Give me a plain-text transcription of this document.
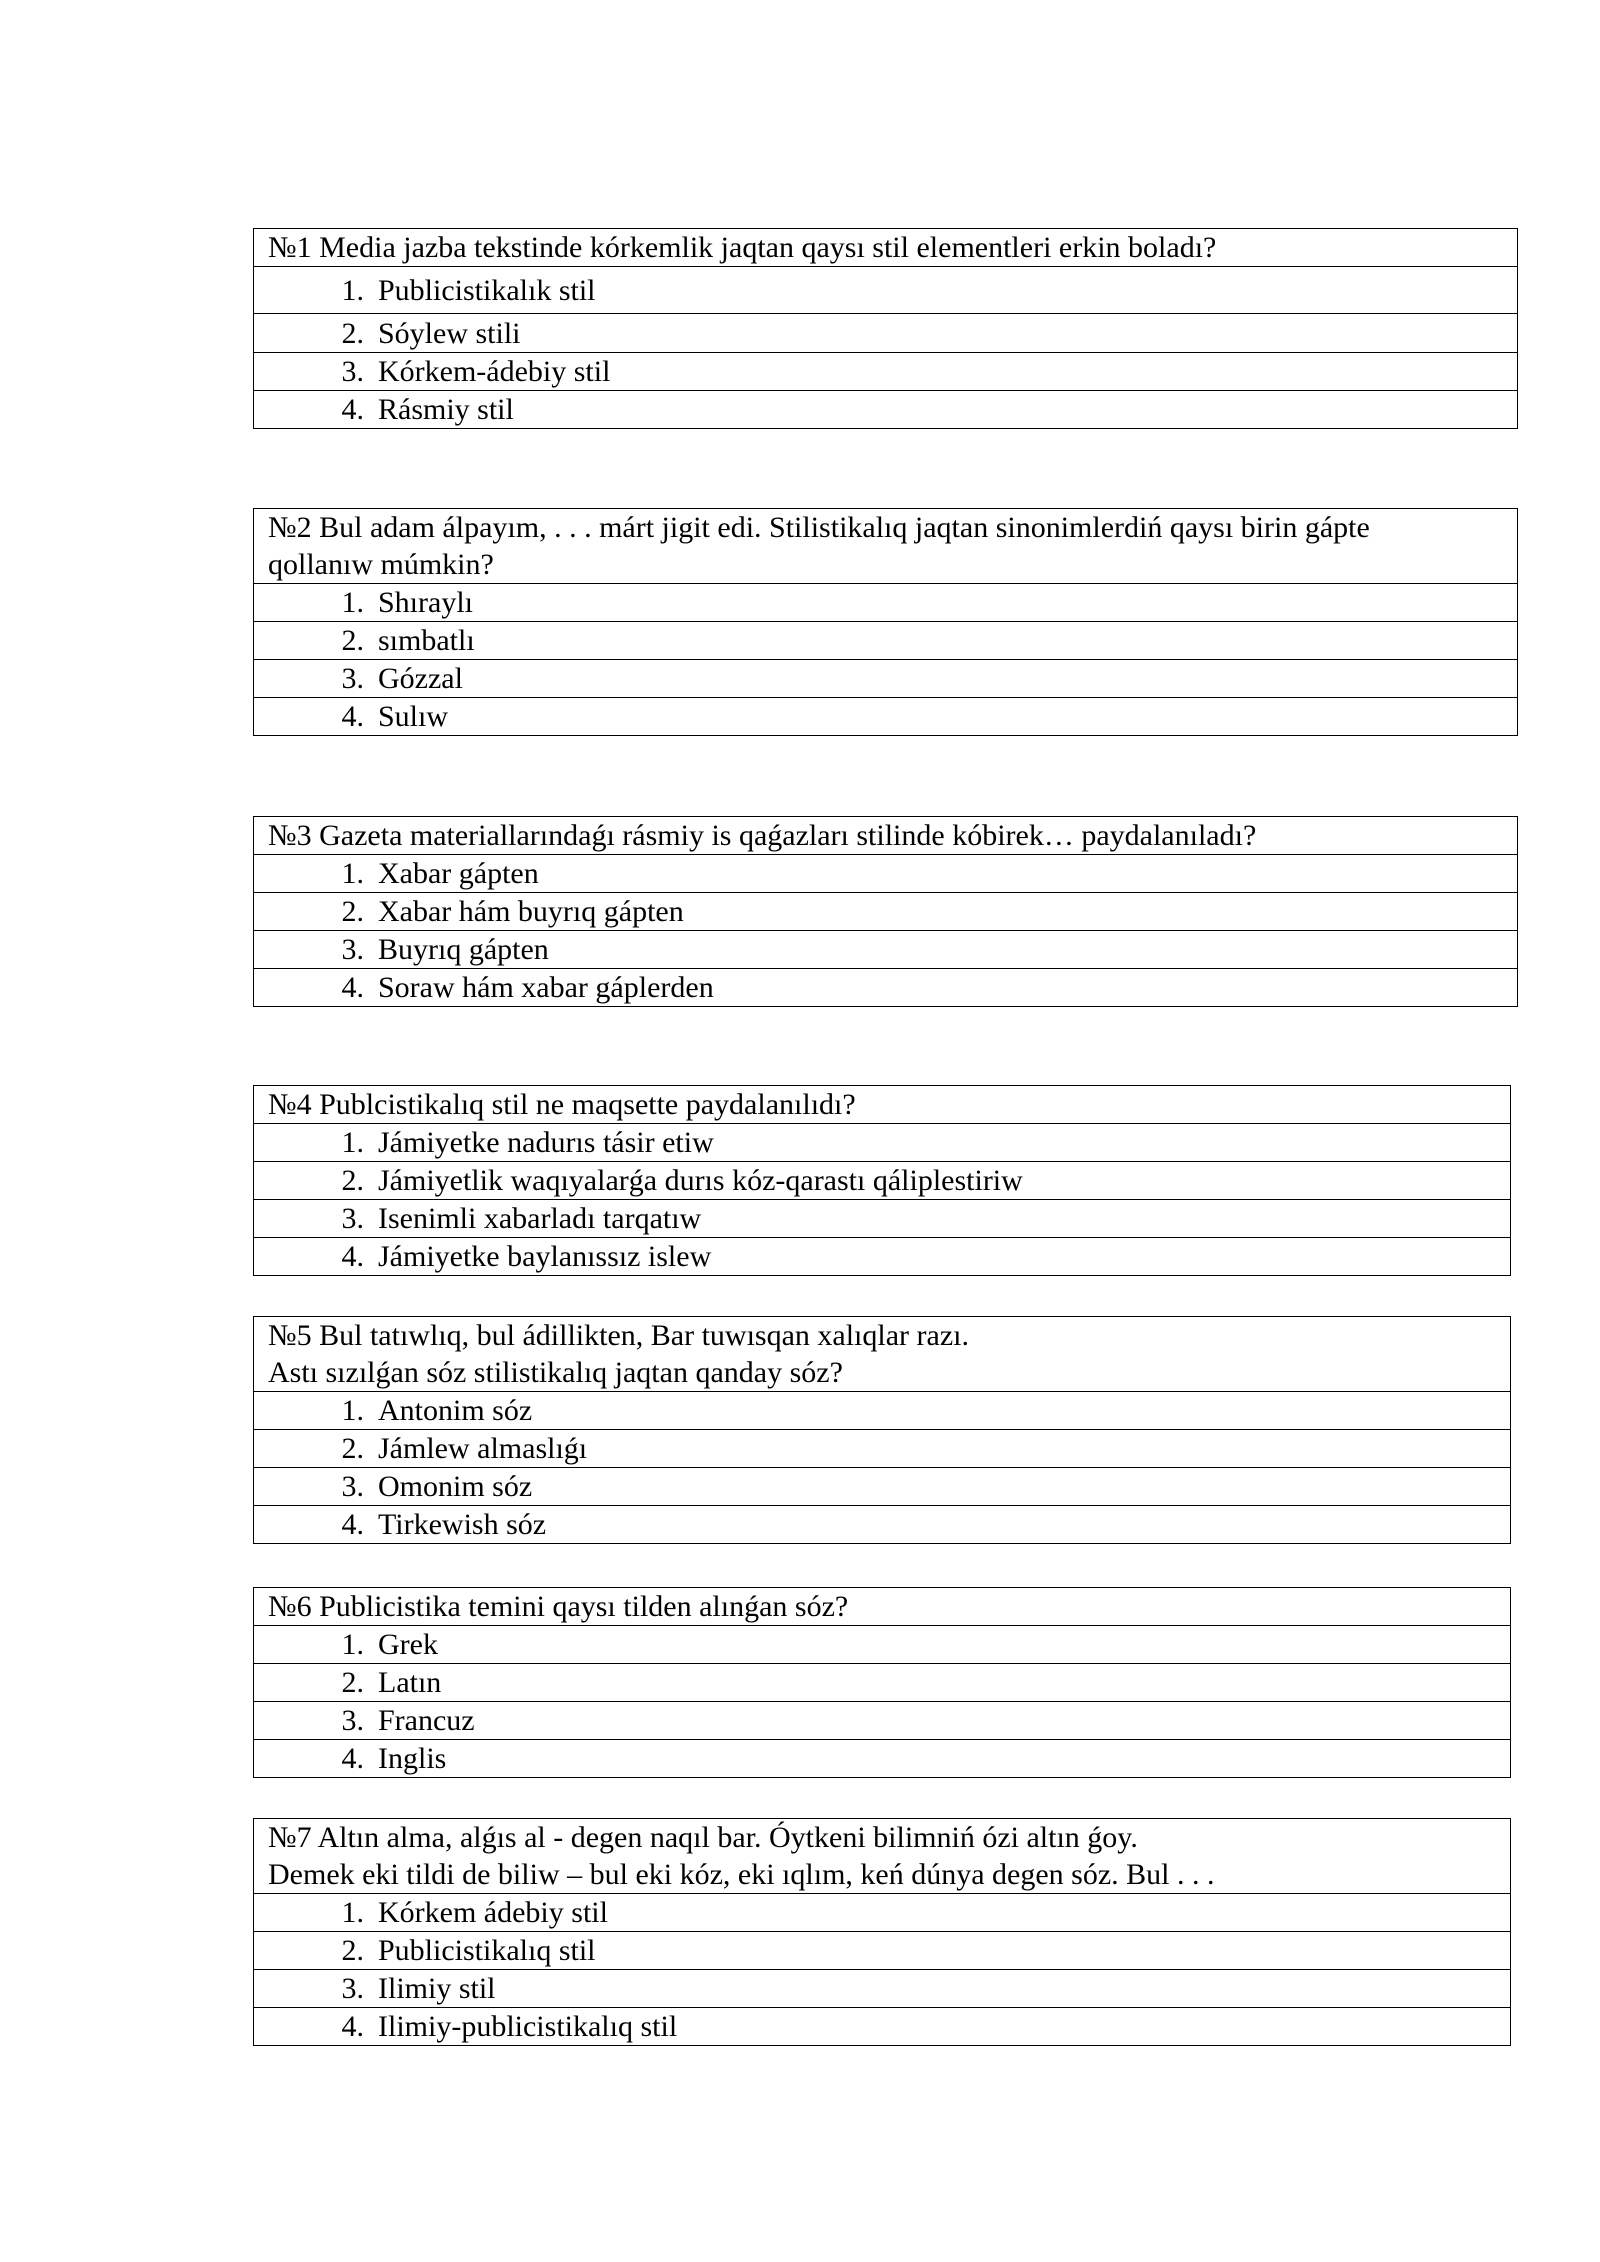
№1 Media jazba tekstinde kórkemlik jaqtan qaysı stil elementleri erkin boladı?

1. Publicistikalık stil
2. Sóylew stili
3. Kórkem-ádebiy stil
4. Rásmiy stil
№2 Bul adam álpayım, . . . márt jigit edi. Stilistikalıq jaqtan sinonimlerdiń qaysı birin gápte
qollanıw múmkin?

1. Shıraylı
2. sımbatlı
3. Gózzal
4. Sulıw
№3 Gazeta materiallarındaǵı rásmiy is qaǵazları stilinde kóbirek… paydalanıladı?

1. Xabar gápten
2. Xabar hám buyrıq gápten
3. Buyrıq gápten
4. Soraw hám xabar gáplerden
№4 Publcistikalıq stil ne maqsette paydalanılıdı?

1. Jámiyetke nadurıs tásir etiw
2. Jámiyetlik waqıyalarǵa durıs kóz-qarastı qáliplestiriw
3. Isenimli xabarladı tarqatıw
4. Jámiyetke baylanıssız islew
№5 Bul tatıwlıq, bul ádillikten, Bar tuwısqan xalıqlar razı.
Astı sızılǵan sóz stilistikalıq jaqtan qanday sóz?

1. Antonim sóz
2. Jámlew almaslıǵı
3. Omonim sóz
4. Tirkewish sóz
№6 Publicistika temini qaysı tilden alınǵan sóz?

1. Grek
2. Latın
3. Francuz
4. Inglis
№7 Altın alma, alǵıs al - degen naqıl bar. Óytkeni bilimniń ózi altın ǵoy.
Demek eki tildi de biliw – bul eki kóz, eki ıqlım, keń dúnya degen sóz. Bul . . .

1. Kórkem ádebiy stil
2. Publicistikalıq stil
3. Ilimiy stil
4. Ilimiy-publicistikalıq stil
